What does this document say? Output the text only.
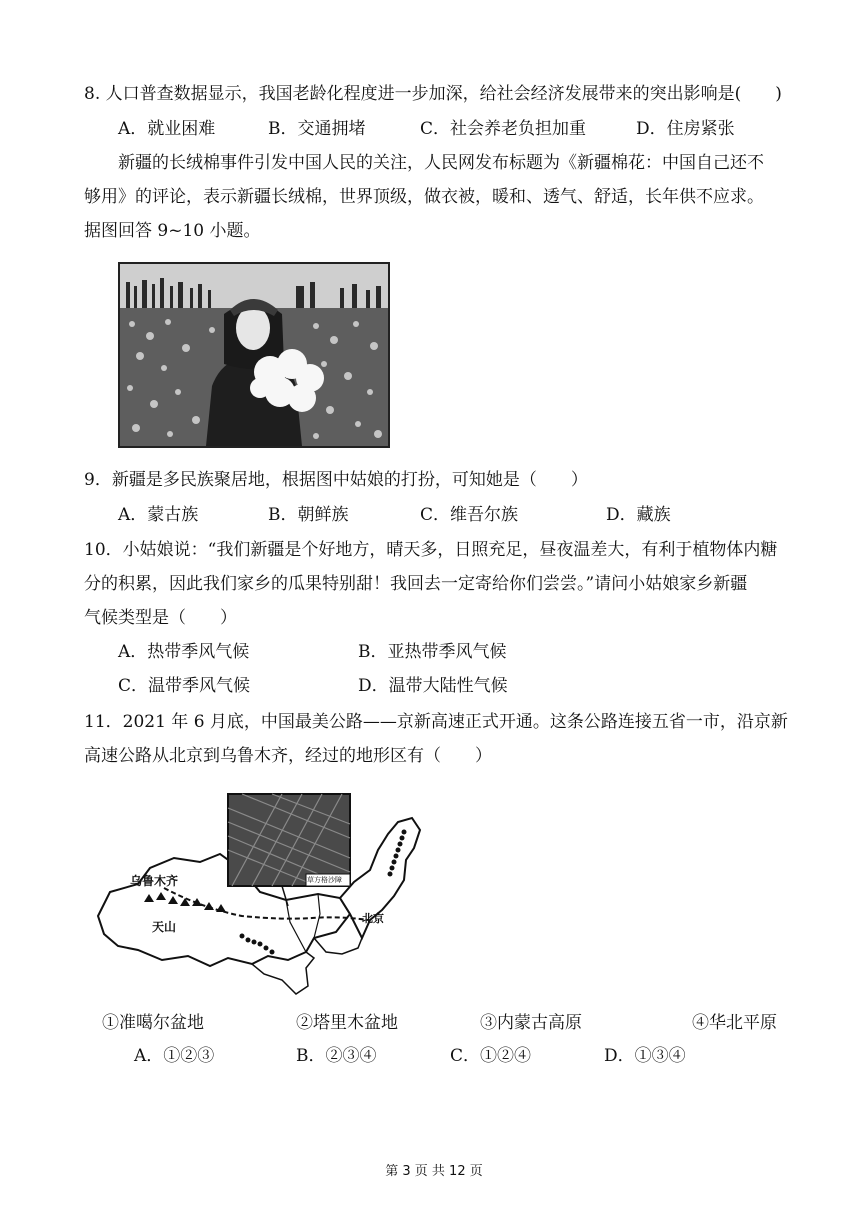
8. 人口普查数据显示，我国老龄化程度进一步加深，给社会经济发展带来的突出影响是(　　)
A．就业困难	B．交通拥堵	C．社会养老负担加重	D．住房紧张
新疆的长绒棉事件引发中国人民的关注，人民网发布标题为《新疆棉花：中国自己还不
够用》的评论，表示新疆长绒棉，世界顶级，做衣被，暖和、透气、舒适，长年供不应求。
据图回答 9~10 小题。
9．新疆是多民族聚居地，根据图中姑娘的打扮，可知她是（　　）
A．蒙古族	B．朝鲜族	C．维吾尔族	D．藏族
10．小姑娘说：“我们新疆是个好地方，晴天多，日照充足，昼夜温差大，有利于植物体内糖
分的积累，因此我们家乡的瓜果特别甜！我回去一定寄给你们尝尝。”请问小姑娘家乡新疆
气候类型是（　　）
A．热带季风气候	B．亚热带季风气候
C．温带季风气候	D．温带大陆性气候
11．2021 年 6 月底，中国最美公路——京新高速正式开通。这条公路连接五省一市，沿京新
高速公路从北京到乌鲁木齐，经过的地形区有（　　）
乌鲁木齐
天山
北京
草方格沙障
①准噶尔盆地	②塔里木盆地	③内蒙古高原	④华北平原
A．①②③	B．②③④	C．①②④	D．①③④
第 3 页 共 12 页
